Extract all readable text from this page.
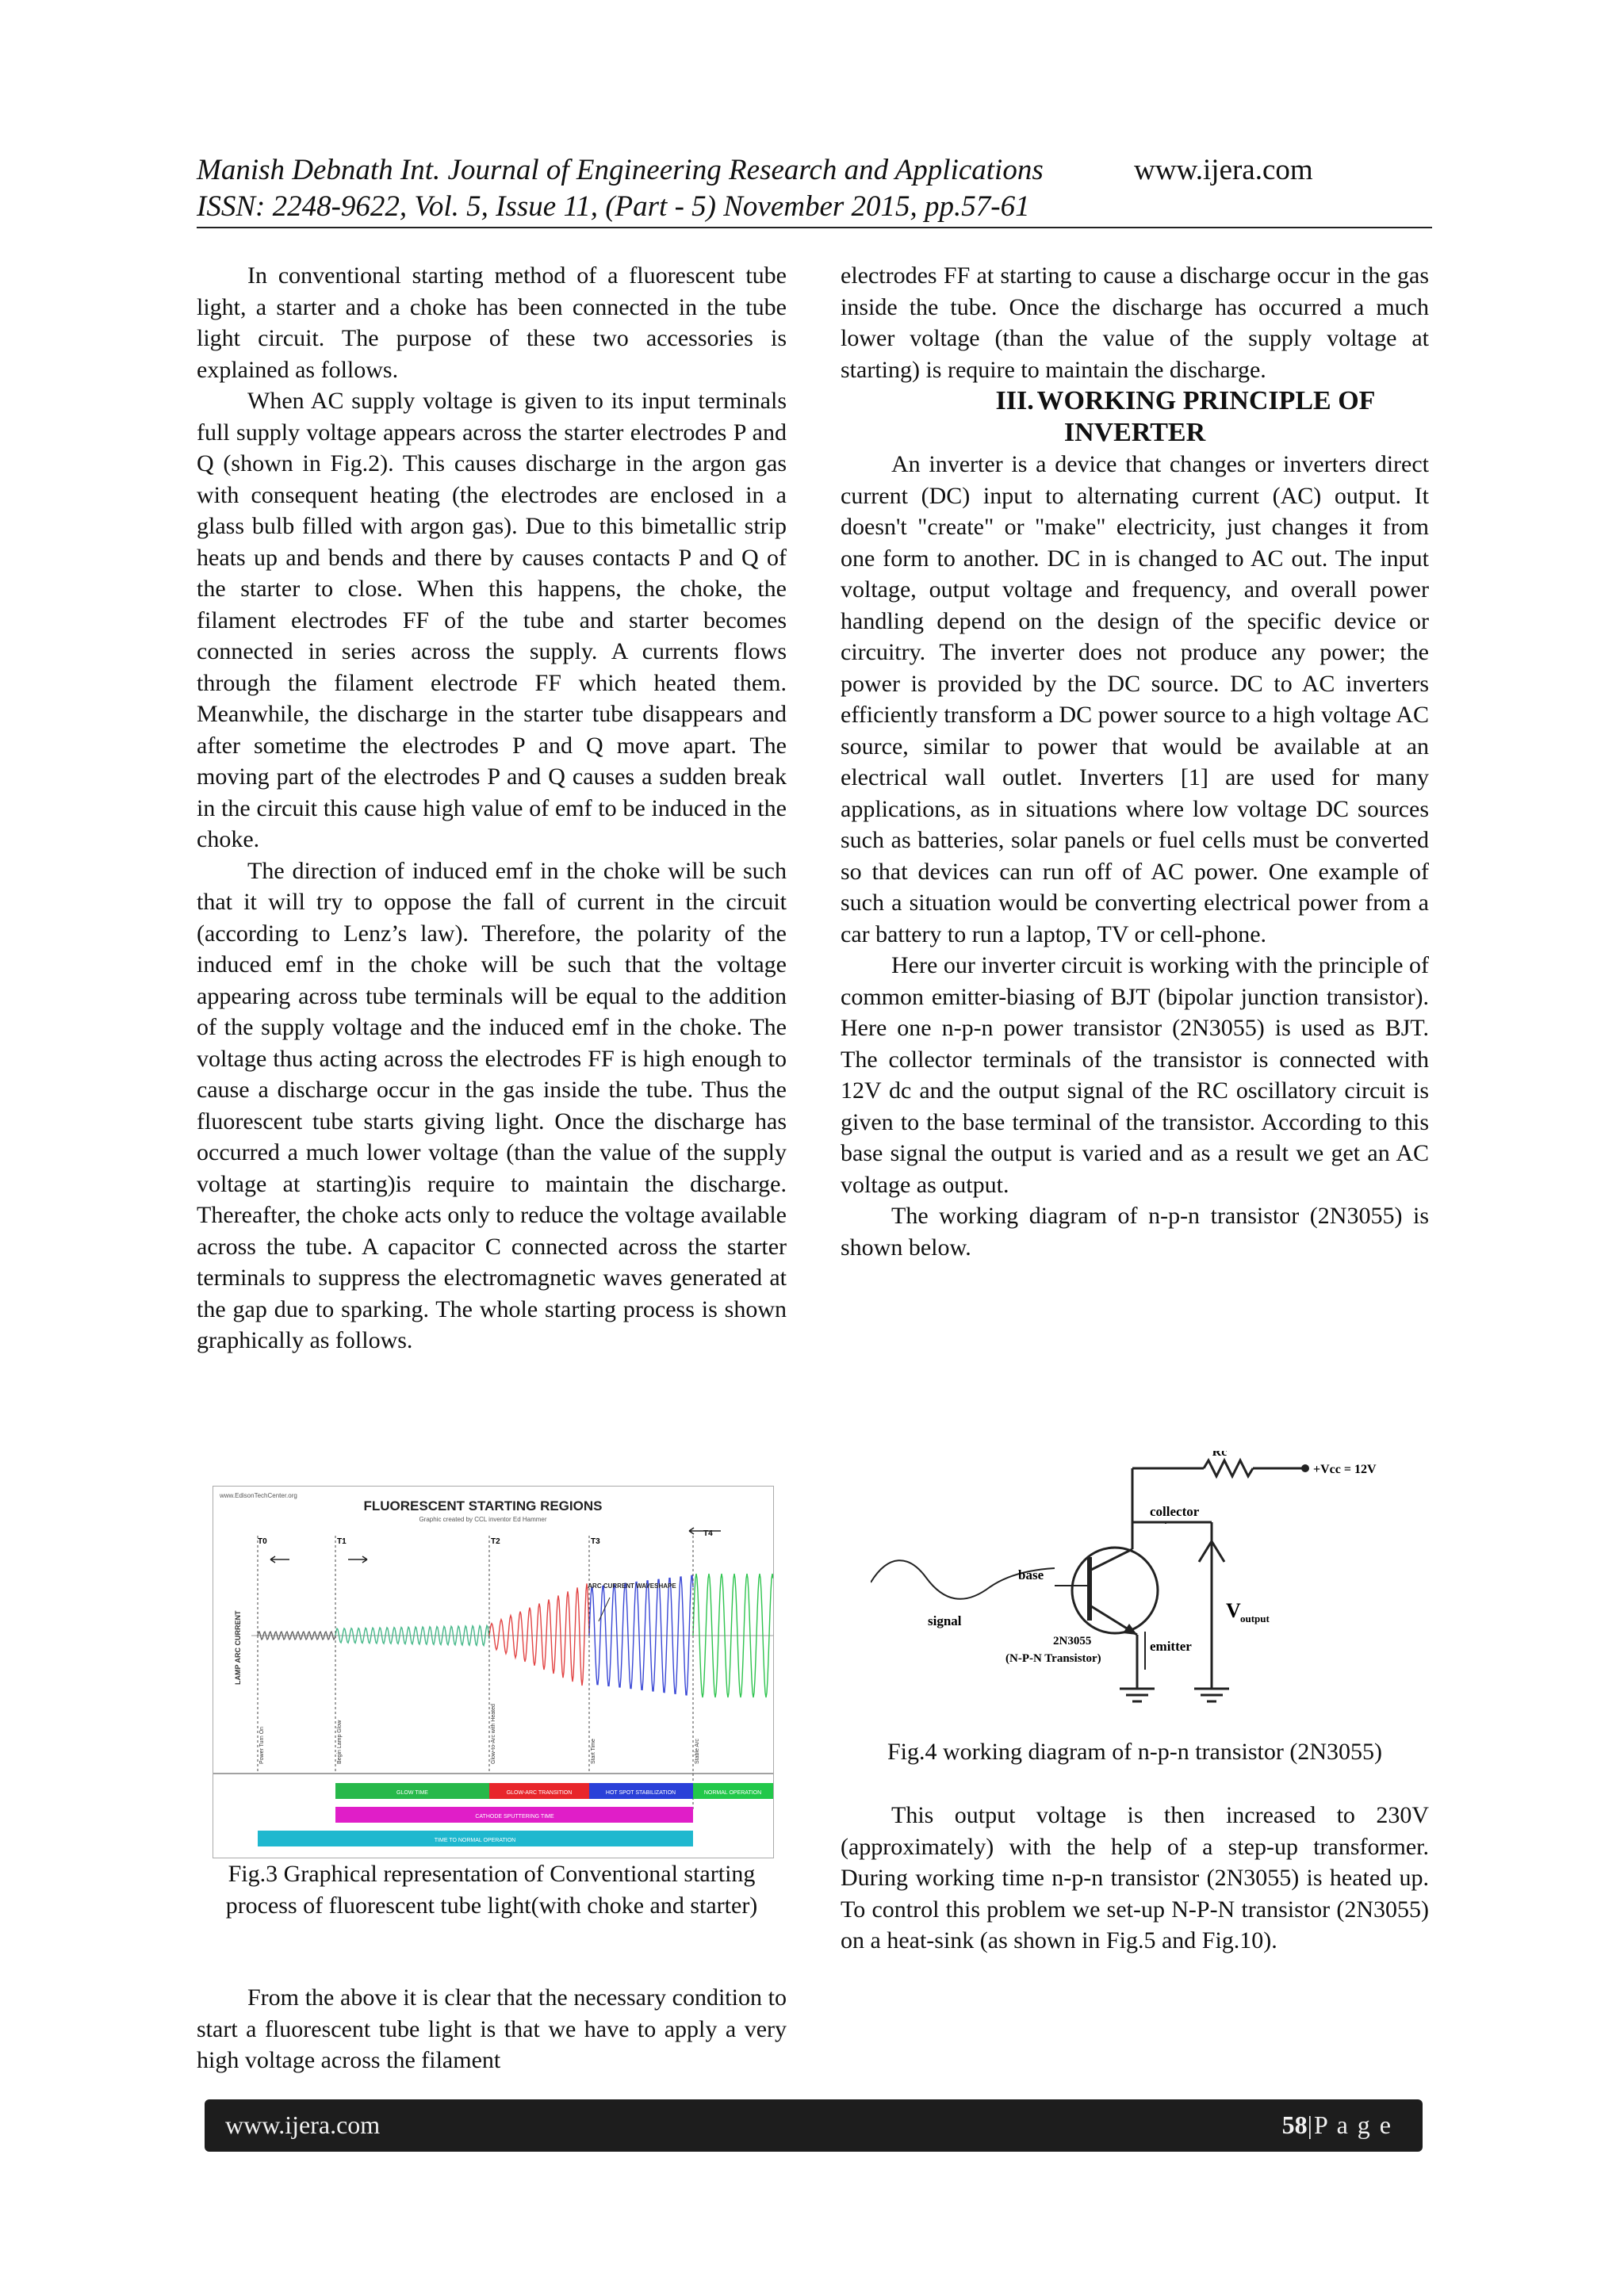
Manish Debnath Int. Journal of Engineering Research and Applications
ISSN: 2248-9622, Vol. 5, Issue 11, (Part - 5) November 2015, pp.57-61
www.ijera.com

In conventional starting method of a fluorescent tube light, a starter and a choke has been connected in the tube light circuit. The purpose of these two accessories is explained as follows.

When AC supply voltage is given to its input terminals full supply voltage appears across the starter electrodes P and Q (shown in Fig.2). This causes discharge in the argon gas with consequent heating (the electrodes are enclosed in a glass bulb filled with argon gas). Due to this bimetallic strip heats up and bends and there by causes contacts P and Q of the starter to close. When this happens, the choke, the filament electrodes FF of the tube and starter becomes connected in series across the supply. A currents flows through the filament electrode FF which heated them. Meanwhile, the discharge in the starter tube disappears and after sometime the electrodes P and Q move apart. The moving part of the electrodes P and Q causes a sudden break in the circuit this cause high value of emf to be induced in the choke.

The direction of induced emf in the choke will be such that it will try to oppose the fall of current in the circuit (according to Lenz’s law). Therefore, the polarity of the induced emf in the choke will be such that the voltage appearing across tube terminals will be equal to the addition of the supply voltage and the induced emf in the choke. The voltage thus acting across the electrodes FF is high enough to cause a discharge occur in the gas inside the tube. Thus the fluorescent tube starts giving light. Once the discharge has occurred a much lower voltage (than the value of the supply voltage at starting)is require to maintain the discharge. Thereafter, the choke acts only to reduce the voltage available across the tube. A capacitor C connected across the starter terminals to suppress the electromagnetic waves generated at the gap due to sparking. The whole starting process is shown graphically as follows.

www.EdisonTechCenter.org
FLUORESCENT STARTING REGIONS
Graphic created by CCL inventor Ed Hammer
LAMP ARC CURRENT
T0	T1	T2	T3
T4
ARC CURRENT WAVESHAPE
Power Turn On	Begin Lamp Glow	Glow-to-Arc with Heated	Start Time	Stable Arc
GLOW TIME	GLOW-ARC TRANSITION	HOT SPOT STABILIZATION	NORMAL OPERATION
CATHODE SPUTTERING TIME
TIME TO NORMAL OPERATION
Fig.3 Graphical representation of Conventional starting process of fluorescent tube light(with choke and starter)

From the above it is clear that the necessary condition to start a fluorescent tube light is that we have to apply a very high voltage across the filament

electrodes FF at starting to cause a discharge occur in the gas inside the tube. Once the discharge has occurred a much lower voltage (than the value of the supply voltage at starting) is require to maintain the discharge.

III. WORKING PRINCIPLE OF INVERTER

An inverter is a device that changes or inverters direct current (DC) input to alternating current (AC) output. It doesn't "create" or "make" electricity, just changes it from one form to another. DC in is changed to AC out. The input voltage, output voltage and frequency, and overall power handling depend on the design of the specific device or circuitry. The inverter does not produce any power; the power is provided by the DC source. DC to AC inverters efficiently transform a DC power source to a high voltage AC source, similar to power that would be available at an electrical wall outlet. Inverters [1] are used for many applications, as in situations where low voltage DC sources such as batteries, solar panels or fuel cells must be converted so that devices can run off of AC power. One example of such a situation would be converting electrical power from a car battery to run a laptop, TV or cell-phone.

Here our inverter circuit is working with the principle of common emitter-biasing of BJT (bipolar junction transistor). Here one n-p-n power transistor (2N3055) is used as BJT. The collector terminals of the transistor is connected with 12V dc and the output signal of the RC oscillatory circuit is given to the base terminal of the transistor. According to this base signal the output is varied and as a result we get an AC voltage as output.

The working diagram of n-p-n transistor (2N3055) is shown below.

signal
base
Rc
+Vcc = 12V
collector
emitter
2N3055
(N-P-N Transistor)
V output
Fig.4 working diagram of n-p-n transistor (2N3055)

This output voltage is then increased to 230V (approximately) with the help of a step-up transformer. During working time n-p-n transistor (2N3055) is heated up. To control this problem we set-up N-P-N transistor (2N3055) on a heat-sink (as shown in Fig.5 and Fig.10).

www.ijera.com	58|P a g e
